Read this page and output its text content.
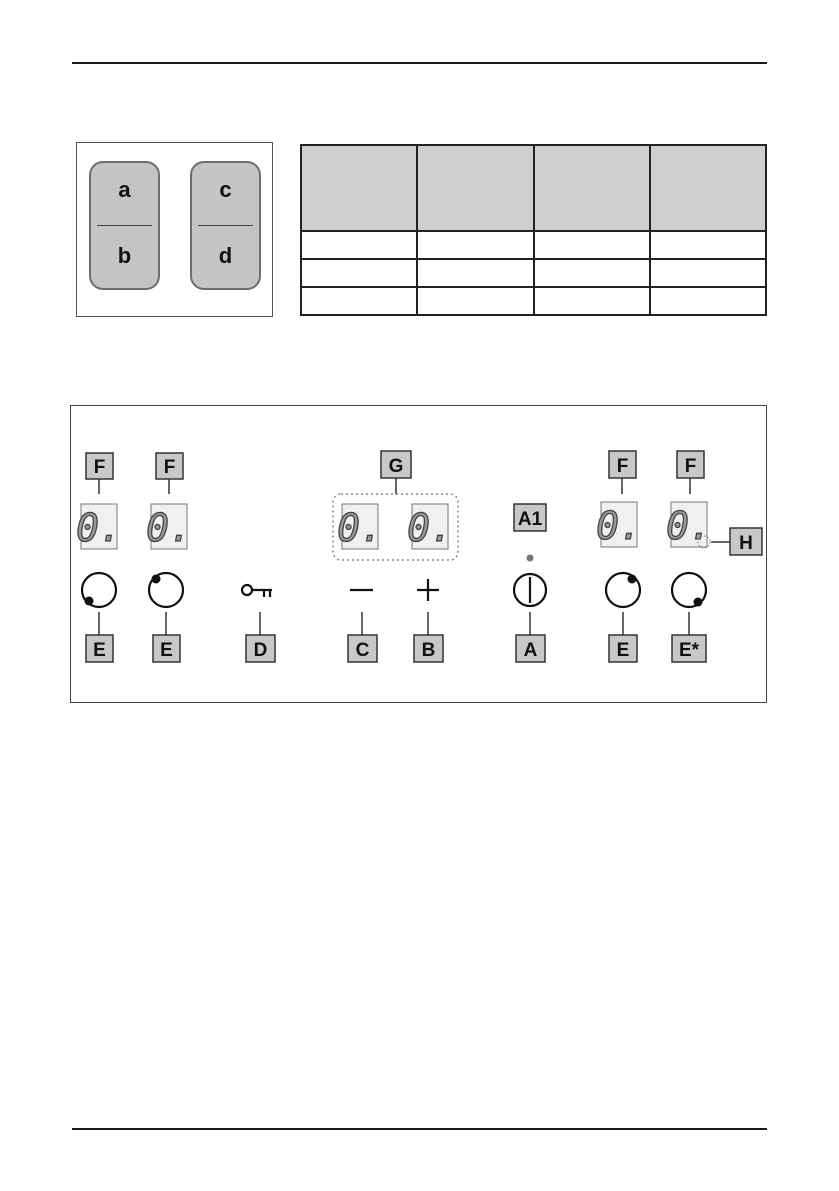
a
b
c
d

F	F	G
A1
F	F
0. 0.	0. 0.	0. 0. H
E	E	D	C	B	A	E	E*
